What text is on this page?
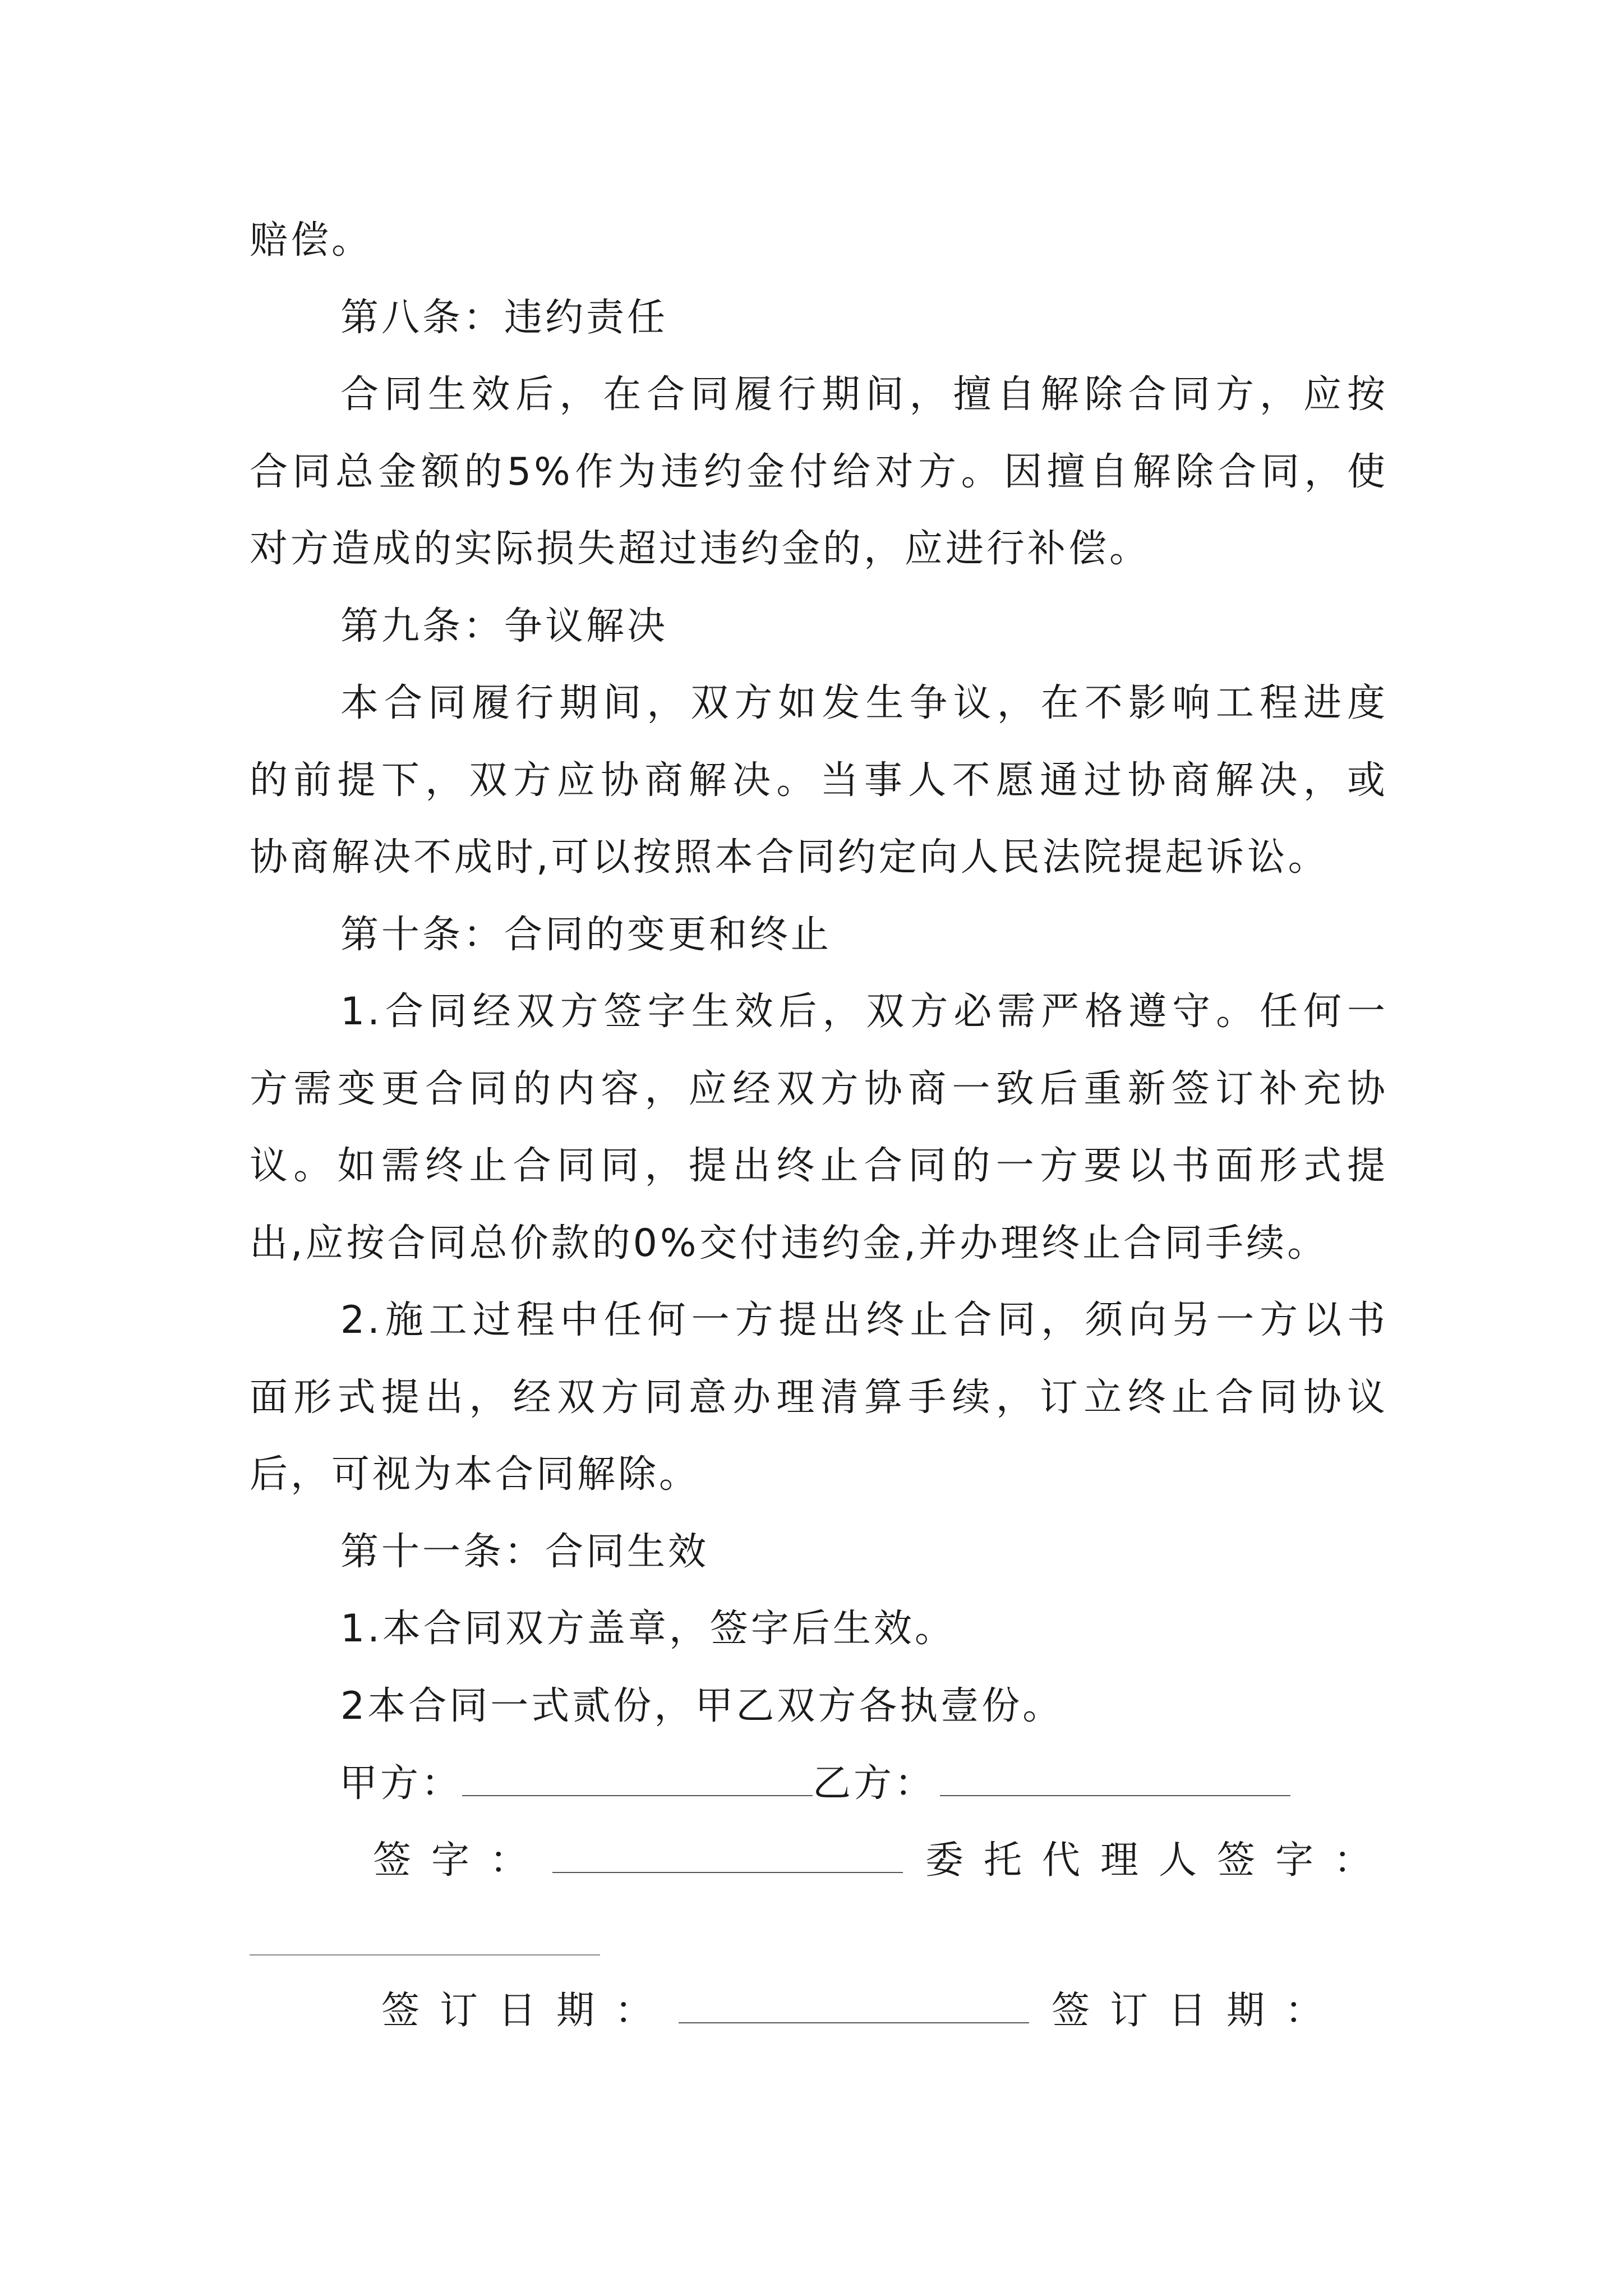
赔偿。
第八条：违约责任
合同生效后，在合同履行期间，擅自解除合同方，应按
合同总金额的5%作为违约金付给对方。因擅自解除合同，使
对方造成的实际损失超过违约金的，应进行补偿。
第九条：争议解决
本合同履行期间，双方如发生争议，在不影响工程进度
的前提下，双方应协商解决。当事人不愿通过协商解决，或
协商解决不成时,可以按照本合同约定向人民法院提起诉讼。
第十条：合同的变更和终止
1.合同经双方签字生效后，双方必需严格遵守。任何一
方需变更合同的内容，应经双方协商一致后重新签订补充协
议。如需终止合同同，提出终止合同的一方要以书面形式提
出,应按合同总价款的0%交付违约金,并办理终止合同手续。
2.施工过程中任何一方提出终止合同，须向另一方以书
面形式提出，经双方同意办理清算手续，订立终止合同协议
后，可视为本合同解除。
第十一条：合同生效
1.本合同双方盖章，签字后生效。
2本合同一式贰份，甲乙双方各执壹份。
甲方：	乙方：
签字：	委托代理人签字：
签订日期：	签订日期：
